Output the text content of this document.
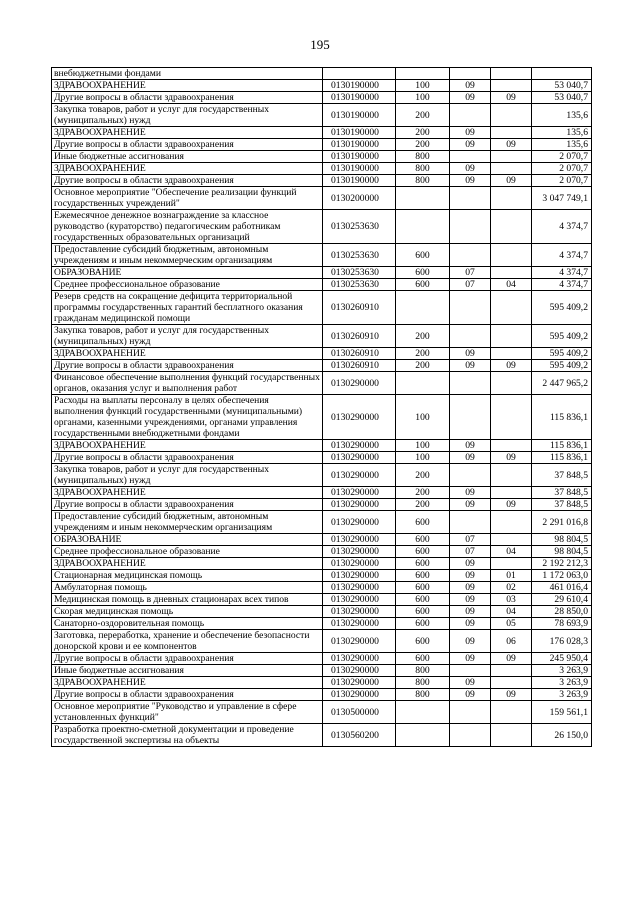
195
внебюджетными фондами					
ЗДРАВООХРАНЕНИЕ	0130190000	100	09		53 040,7
Другие вопросы в области здравоохранения	0130190000	100	09	09	53 040,7
Закупка товаров, работ и услуг для государственных (муниципальных) нужд	0130190000	200			135,6
ЗДРАВООХРАНЕНИЕ	0130190000	200	09		135,6
Другие вопросы в области здравоохранения	0130190000	200	09	09	135,6
Иные бюджетные ассигнования	0130190000	800			2 070,7
ЗДРАВООХРАНЕНИЕ	0130190000	800	09		2 070,7
Другие вопросы в области здравоохранения	0130190000	800	09	09	2 070,7
Основное мероприятие "Обеспечение реализации функций государственных учреждений"	0130200000				3 047 749,1
Ежемесячное денежное вознаграждение за классное руководство (кураторство) педагогическим работникам государственных образовательных организаций	0130253630				4 374,7
Предоставление субсидий бюджетным, автономным учреждениям и иным некоммерческим организациям	0130253630	600			4 374,7
ОБРАЗОВАНИЕ	0130253630	600	07		4 374,7
Среднее профессиональное образование	0130253630	600	07	04	4 374,7
Резерв средств на сокращение дефицита территориальной программы государственных гарантий бесплатного оказания гражданам медицинской помощи	0130260910				595 409,2
Закупка товаров, работ и услуг для государственных (муниципальных) нужд	0130260910	200			595 409,2
ЗДРАВООХРАНЕНИЕ	0130260910	200	09		595 409,2
Другие вопросы в области здравоохранения	0130260910	200	09	09	595 409,2
Финансовое обеспечение выполнения функций государственных органов, оказания услуг и выполнения работ	0130290000				2 447 965,2
Расходы на выплаты персоналу в целях обеспечения выполнения функций государственными (муниципальными) органами, казенными учреждениями, органами управления государственными внебюджетными фондами	0130290000	100			115 836,1
ЗДРАВООХРАНЕНИЕ	0130290000	100	09		115 836,1
Другие вопросы в области здравоохранения	0130290000	100	09	09	115 836,1
Закупка товаров, работ и услуг для государственных (муниципальных) нужд	0130290000	200			37 848,5
ЗДРАВООХРАНЕНИЕ	0130290000	200	09		37 848,5
Другие вопросы в области здравоохранения	0130290000	200	09	09	37 848,5
Предоставление субсидий бюджетным, автономным учреждениям и иным некоммерческим организациям	0130290000	600			2 291 016,8
ОБРАЗОВАНИЕ	0130290000	600	07		98 804,5
Среднее профессиональное образование	0130290000	600	07	04	98 804,5
ЗДРАВООХРАНЕНИЕ	0130290000	600	09		2 192 212,3
Стационарная медицинская помощь	0130290000	600	09	01	1 172 063,0
Амбулаторная помощь	0130290000	600	09	02	461 016,4
Медицинская помощь в дневных стационарах всех типов	0130290000	600	09	03	29 610,4
Скорая медицинская помощь	0130290000	600	09	04	28 850,0
Санаторно-оздоровительная помощь	0130290000	600	09	05	78 693,9
Заготовка, переработка, хранение и обеспечение безопасности донорской крови и ее компонентов	0130290000	600	09	06	176 028,3
Другие вопросы в области здравоохранения	0130290000	600	09	09	245 950,4
Иные бюджетные ассигнования	0130290000	800			3 263,9
ЗДРАВООХРАНЕНИЕ	0130290000	800	09		3 263,9
Другие вопросы в области здравоохранения	0130290000	800	09	09	3 263,9
Основное мероприятие "Руководство и управление в сфере установленных функций"	0130500000				159 561,1
Разработка проектно-сметной документации и проведение государственной экспертизы на объекты	0130560200				26 150,0
